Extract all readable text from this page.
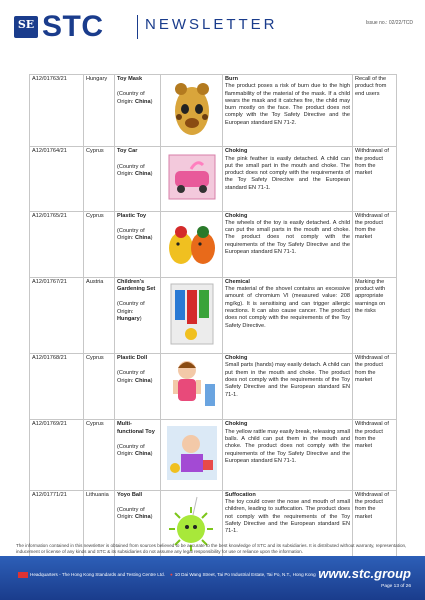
SE STC	NEWSLETTER	Issue no.: 02/22/TCD
A12/01763/21	Hungary	Toy Mask
(Country of Origin: China)		Burn
The product poses a risk of burn due to the high flammability of the material of the mask. If a child wears the mask and it catches fire, the child may burn mostly on the face. The product does not comply with the Toy Safety Directive and the European standard EN 71-2.	Recall of the product from end users
A12/01764/21	Cyprus	Toy Car
(Country of Origin: China)		Choking
The pink feather is easily detached. A child can put the small part in the mouth and choke. The product does not comply with the requirements of the Toy Safety Directive and the European standard EN 71-1.	Withdrawal of the product from the market
A12/01765/21	Cyprus	Plastic Toy
(Country of Origin: China)		Choking
The wheels of the toy is easily detached. A child can put the small parts in the mouth and choke. The product does not comply with the requirements of the Toy Safety Directive and the European standard EN 71-1.	Withdrawal of the product from the market
A12/01767/21	Austria	Children's Gardening Set
(Country of Origin: Hungary)		Chemical
The material of the shovel contains an excessive amount of chromium VI (measured value: 208 mg/kg). It is sensitising and can trigger allergic reactions. It can also cause cancer. The product does not comply with the requirements of the Toy Safety Directive.	Marking the product with appropriate warnings on the risks
A12/01768/21	Cyprus	Plastic Doll
(Country of Origin: China)		Choking
Small parts (hands) may easily detach. A child can put them in the mouth and choke. The product does not comply with the requirements of the Toy Safety Directive and the European standard EN 71-1.	Withdrawal of the product from the market
A12/01769/21	Cyprus	Multi-functional Toy
(Country of Origin: China)		Choking
The yellow rattle may easily break, releasing small balls. A child can put them in the mouth and choke. The product does not comply with the requirements of the Toy Safety Directive and the European standard EN 71-1.	Withdrawal of the product from the market
A12/01771/21	Lithuania	Yoyo Ball
(Country of Origin: China)		Suffocation
The toy could cover the nose and mouth of small children, leading to suffocation. The product does not comply with the requirements of the Toy Safety Directive and the European standard EN 71-1.	Withdrawal of the product from the market
The information contained in this newsletter is obtained from sources believed to be accurate to the best knowledge of STC and its subsidiaries. It is distributed without warranty, representation, inducement or license of any kinds and STC & its subsidiaries do not assume any legal responsibility for use or reliance upon the information.
Headquarters - The Hong Kong Standards and Testing Centre Ltd. ● 10 Dai Wang Street, Tai Po Industrial Estate, Tai Po, N.T., Hong Kong www.stc.group
Page 13 of 26
